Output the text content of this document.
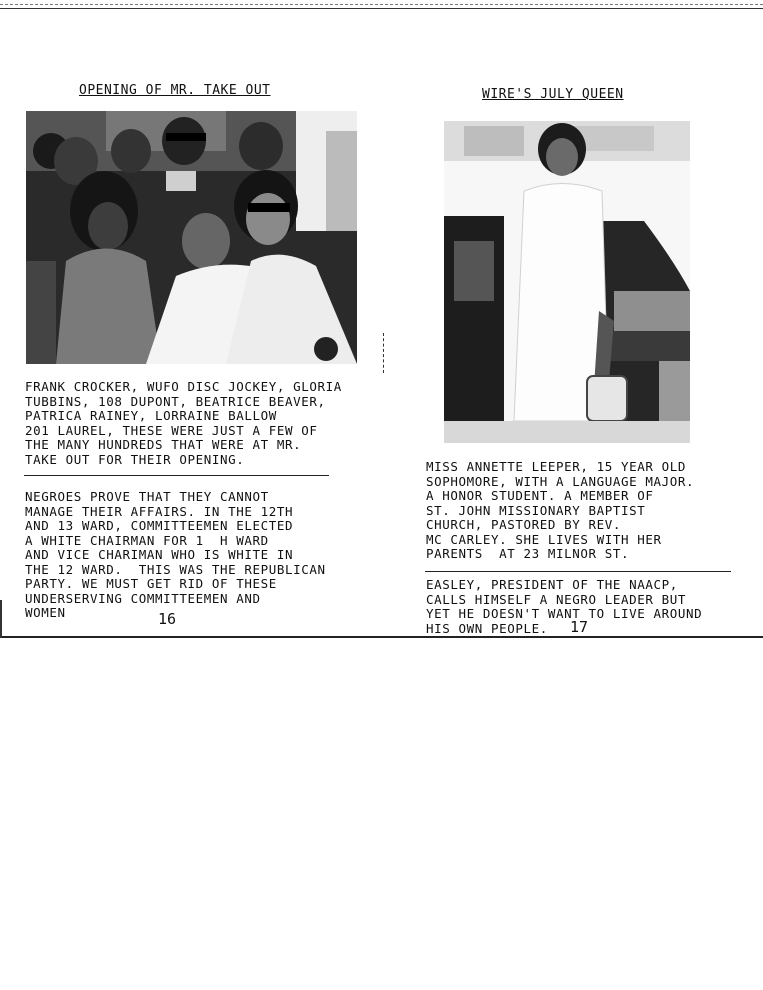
OPENING OF MR. TAKE OUT
FRANK CROCKER, WUFO DISC JOCKEY, GLORIA
TUBBINS, 108 DUPONT, BEATRICE BEAVER,
PATRICA RAINEY, LORRAINE BALLOW
201 LAUREL, THESE WERE JUST A FEW OF
THE MANY HUNDREDS THAT WERE AT MR.
TAKE OUT FOR THEIR OPENING.
NEGROES PROVE THAT THEY CANNOT
MANAGE THEIR AFFAIRS. IN THE 12TH
AND 13 WARD, COMMITTEEMEN ELECTED
A WHITE CHAIRMAN FOR 1  H WARD
AND VICE CHARIMAN WHO IS WHITE IN
THE 12 WARD.  THIS WAS THE REPUBLICAN
PARTY. WE MUST GET RID OF THESE
UNDERSERVING COMMITTEEMEN AND
WOMEN	16
WIRE'S JULY QUEEN
MISS ANNETTE LEEPER, 15 YEAR OLD
SOPHOMORE, WITH A LANGUAGE MAJOR.
A HONOR STUDENT. A MEMBER OF
ST. JOHN MISSIONARY BAPTIST
CHURCH, PASTORED BY REV.
MC CARLEY. SHE LIVES WITH HER
PARENTS  AT 23 MILNOR ST.
EASLEY, PRESIDENT OF THE NAACP,
CALLS HIMSELF A NEGRO LEADER BUT
YET HE DOESN'T WANT TO LIVE AROUND
HIS OWN PEOPLE.	17
